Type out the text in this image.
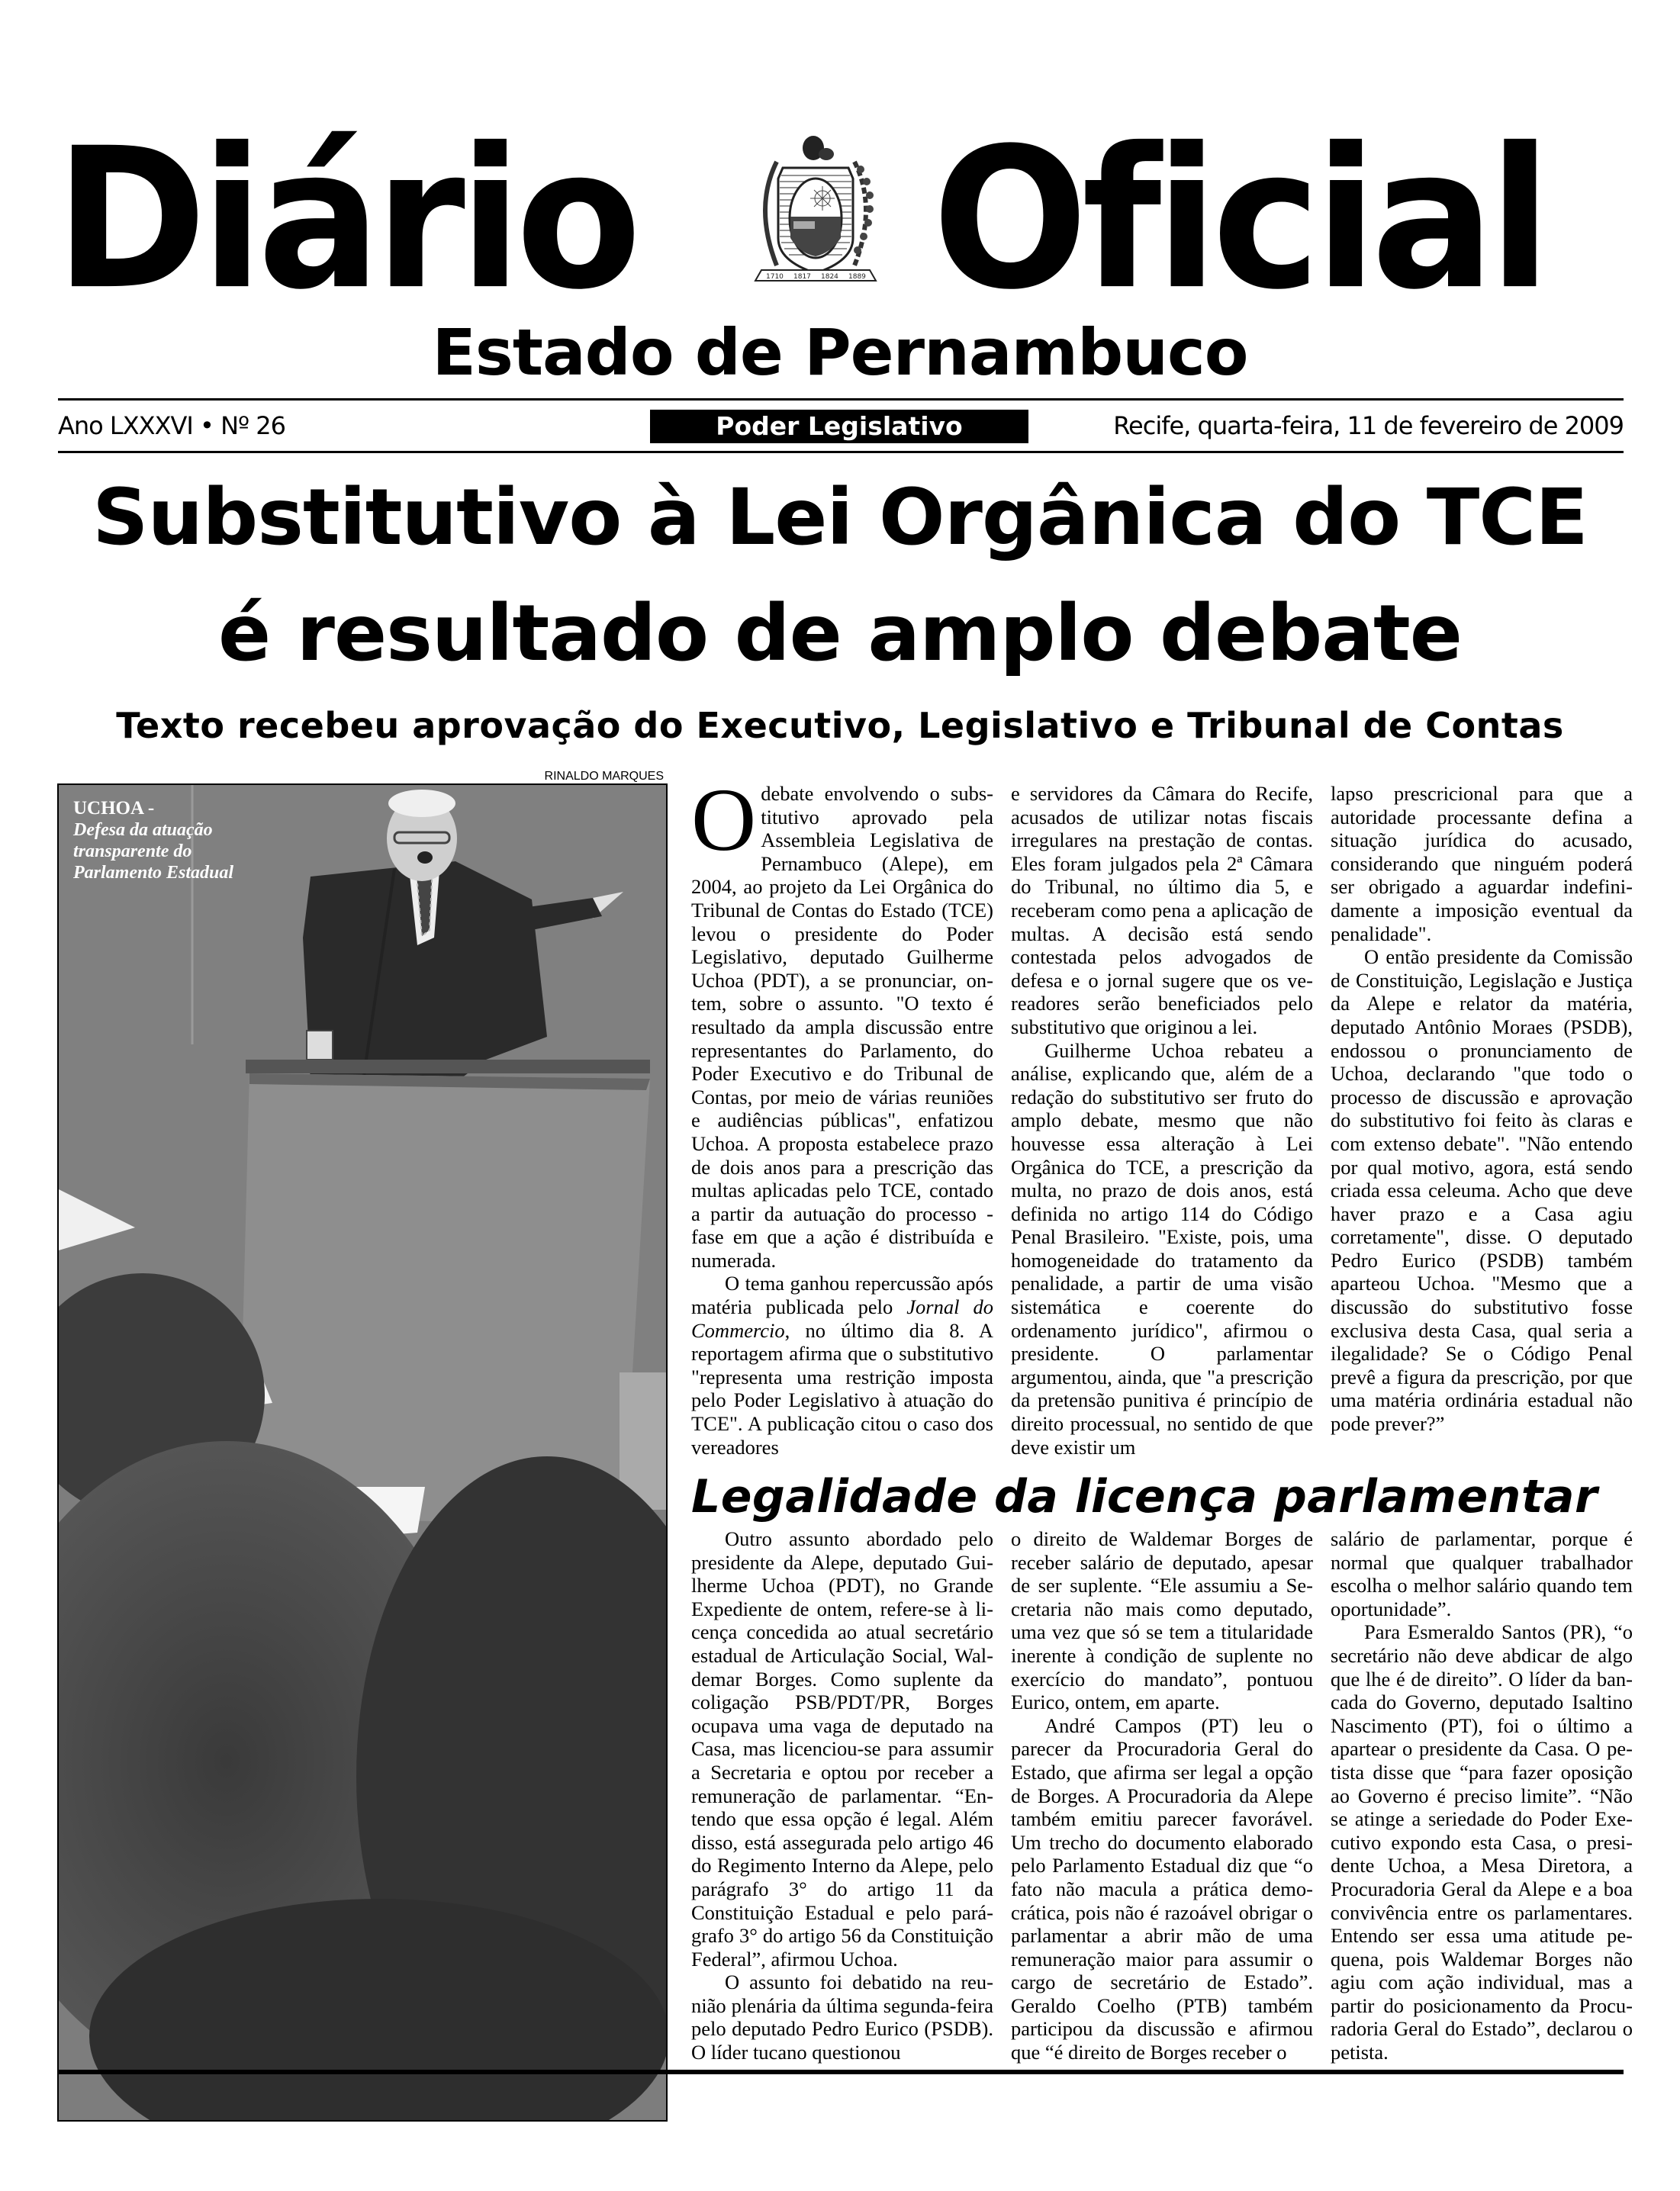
Diário	1710 1817 1824 1889 Oficial
Estado de Pernambuco
Ano LXXXVI • Nº 26	Poder Legislativo	Recife, quarta-feira, 11 de fevereiro de 2009
Substitutivo à Lei Orgânica do TCE
é resultado de amplo debate
Texto recebeu aprovação do Executivo, Legislativo e Tribunal de Contas
RINALDO MARQUES
UCHOA -
Defesa da atuação transparente do Parlamento Estadual

O debate envolvendo o substitutivo aprovado pela Assembleia Legislativa de Pernambuco (Alepe), em 2004, ao projeto da Lei Orgânica do Tribunal de Contas do Estado (TCE) levou o presidente do Poder Legislativo, deputado Guilherme Uchoa (PDT), a se pronunciar, ontem, sobre o assunto. "O texto é resultado da ampla discussão entre representantes do Parlamento, do Poder Executivo e do Tribunal de Contas, por meio de várias reuniões e audiências públicas", enfatizou Uchoa. A proposta estabelece prazo de dois anos para a prescrição das multas aplicadas pelo TCE, contado a partir da autuação do processo - fase em que a ação é distribuída e numerada.

O tema ganhou repercussão após matéria publicada pelo Jornal do Commercio, no último dia 8. A reportagem afirma que o substitutivo "representa uma restrição imposta pelo Poder Legislativo à atuação do TCE". A publicação citou o caso dos vereadores

e servidores da Câmara do Recife, acusados de utilizar notas fiscais irregulares na prestação de contas. Eles foram julgados pela 2ª Câmara do Tribunal, no último dia 5, e receberam como pena a aplicação de multas. A decisão está sendo contestada pelos advogados de defesa e o jornal sugere que os vereadores serão beneficiados pelo substitutivo que originou a lei.

Guilherme Uchoa rebateu a análise, explicando que, além de a redação do substitutivo ser fruto do amplo debate, mesmo que não houvesse essa alteração à Lei Orgânica do TCE, a prescrição da multa, no prazo de dois anos, está definida no artigo 114 do Código Penal Brasileiro. "Existe, pois, uma homogeneidade do tratamento da penalidade, a partir de uma visão sistemática e coerente do ordenamento jurídico", afirmou o presidente. O parlamentar argumentou, ainda, que "a prescrição da pretensão punitiva é princípio de direito processual, no sentido de que deve existir um

lapso prescricional para que a autoridade processante defina a situação jurídica do acusado, considerando que ninguém poderá ser obrigado a aguardar indefinidamente a imposição eventual da penalidade".

O então presidente da Comissão de Constituição, Legislação e Justiça da Alepe e relator da matéria, deputado Antônio Moraes (PSDB), endossou o pronunciamento de Uchoa, declarando "que todo o processo de discussão e aprovação do substitutivo foi feito às claras e com extenso debate". "Não entendo por qual motivo, agora, está sendo criada essa celeuma. Acho que deve haver prazo e a Casa agiu corretamente", disse. O deputado Pedro Eurico (PSDB) também aparteou Uchoa. "Mesmo que a discussão do substitutivo fosse exclusiva desta Casa, qual seria a ilegalidade? Se o Código Penal prevê a figura da prescrição, por que uma matéria ordinária estadual não pode prever?”

Legalidade da licença parlamentar

Outro assunto abordado pelo presidente da Alepe, deputado Guilherme Uchoa (PDT), no Grande Expediente de ontem, refere-se à licença concedida ao atual secretário estadual de Articulação Social, Waldemar Borges. Como suplente da coligação PSB/PDT/PR, Borges ocupava uma vaga de deputado na Casa, mas licenciou-se para assumir a Secretaria e optou por receber a remuneração de parlamentar. “Entendo que essa opção é legal. Além disso, está assegurada pelo artigo 46 do Regimento Interno da Alepe, pelo parágrafo 3° do artigo 11 da Constituição Estadual e pelo parágrafo 3° do artigo 56 da Constituição Federal”, afirmou Uchoa.

O assunto foi debatido na reunião plenária da última segunda-feira pelo deputado Pedro Eurico (PSDB). O líder tucano questionou

o direito de Waldemar Borges de receber salário de deputado, apesar de ser suplente. “Ele assumiu a Secretaria não mais como deputado, uma vez que só se tem a titularidade inerente à condição de suplente no exercício do mandato”, pontuou Eurico, ontem, em aparte.

André Campos (PT) leu o parecer da Procuradoria Geral do Estado, que afirma ser legal a opção de Borges. A Procuradoria da Alepe também emitiu parecer favorável. Um trecho do documento elaborado pelo Parlamento Estadual diz que “o fato não macula a prática democrática, pois não é razoável obrigar o parlamentar a abrir mão de uma remuneração maior para assumir o cargo de secretário de Estado”. Geraldo Coelho (PTB) também participou da discussão e afirmou que “é direito de Borges receber o

salário de parlamentar, porque é normal que qualquer trabalhador escolha o melhor salário quando tem oportunidade”.

Para Esmeraldo Santos (PR), “o secretário não deve abdicar de algo que lhe é de direito”. O líder da bancada do Governo, deputado Isaltino Nascimento (PT), foi o último a apartear o presidente da Casa. O petista disse que “para fazer oposição ao Governo é preciso limite”. “Não se atinge a seriedade do Poder Executivo expondo esta Casa, o presidente Uchoa, a Mesa Diretora, a Procuradoria Geral da Alepe e a boa convivência entre os parlamentares. Entendo ser essa uma atitude pequena, pois Waldemar Borges não agiu com ação individual, mas a partir do posicionamento da Procuradoria Geral do Estado”, declarou o petista.
